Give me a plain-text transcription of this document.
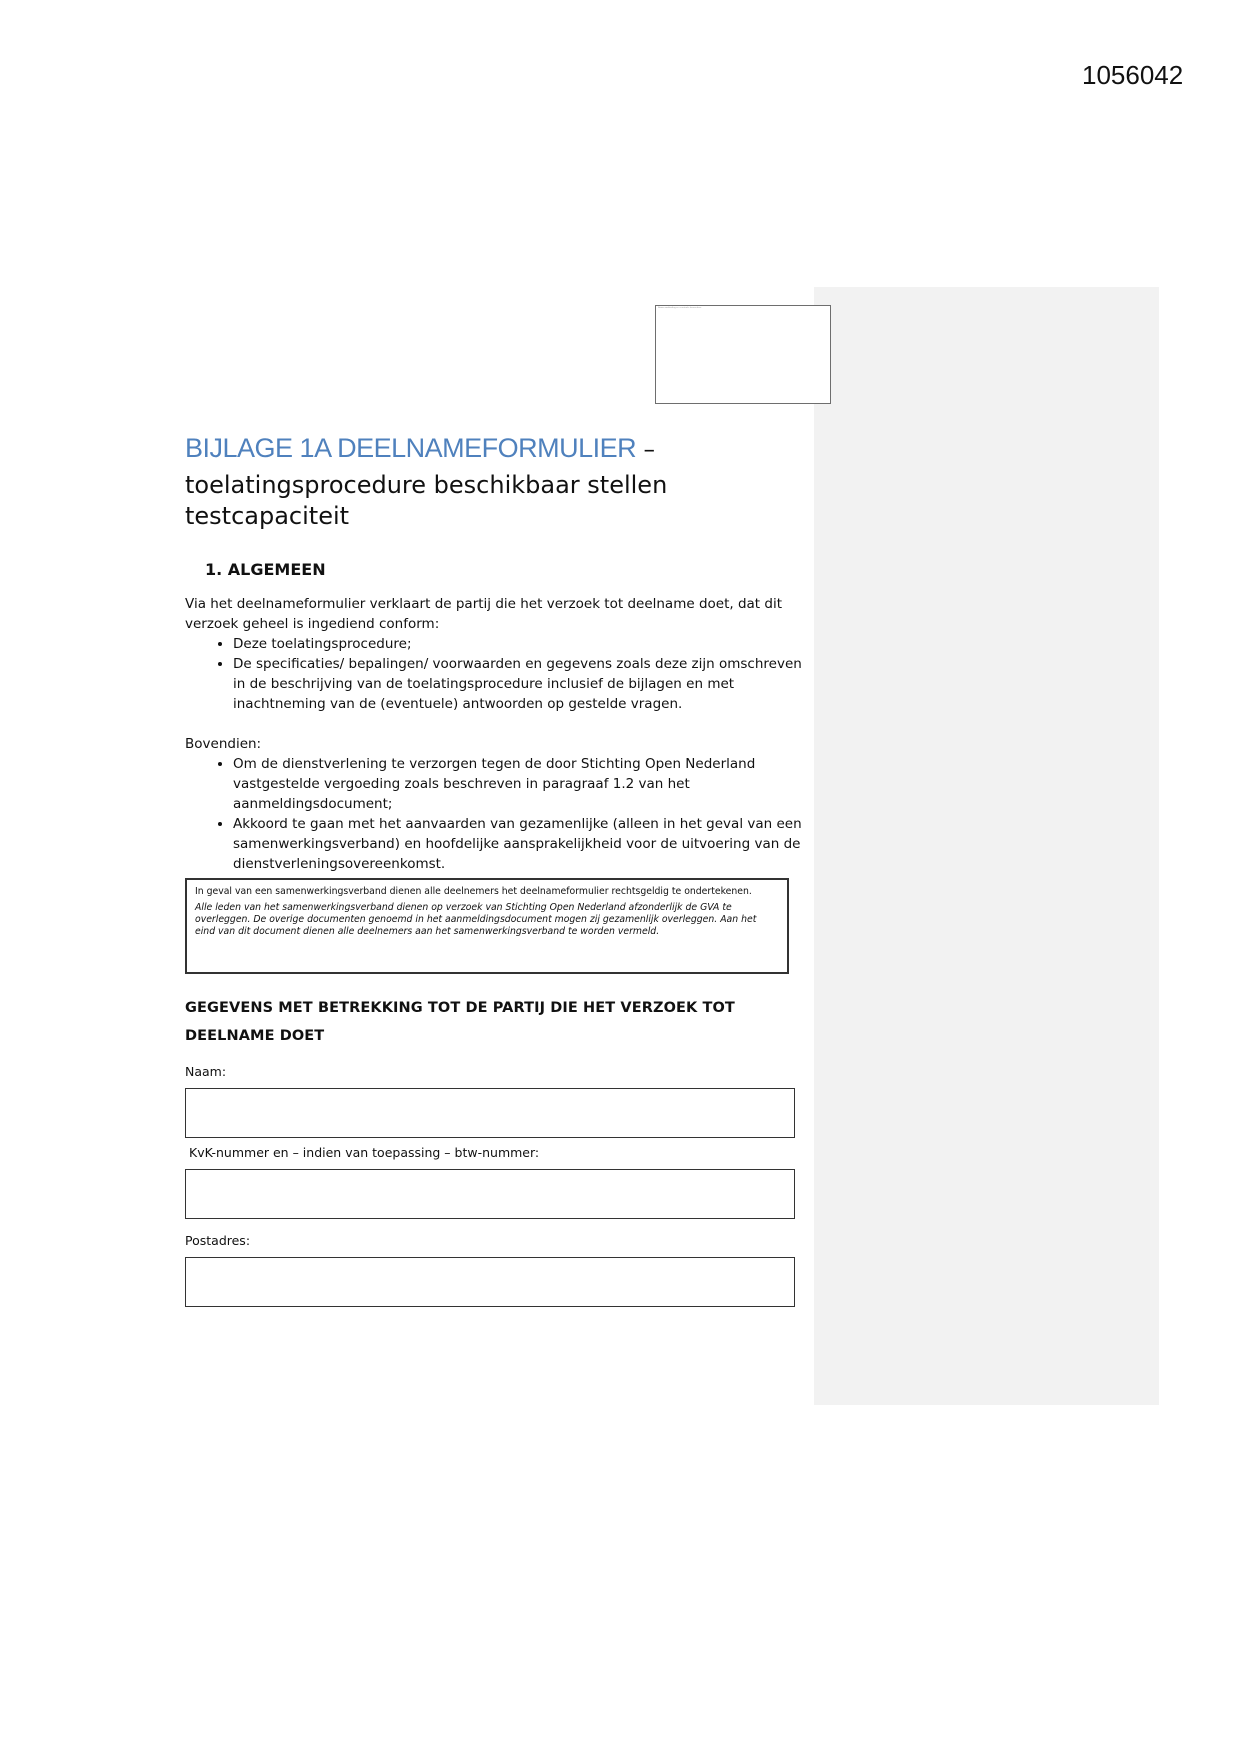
1056042
Naam aanbieding en eventuele kenmerken
BIJLAGE 1A DEELNAMEFORMULIER –
toelatingsprocedure beschikbaar stellen
testcapaciteit
1. ALGEMEEN

Via het deelnameformulier verklaart de partij die het verzoek tot deelname doet, dat dit verzoek geheel is ingediend conform:

• Deze toelatingsprocedure;
• De specificaties/ bepalingen/ voorwaarden en gegevens zoals deze zijn omschreven in de beschrijving van de toelatingsprocedure inclusief de bijlagen en met inachtneming van de (eventuele) antwoorden op gestelde vragen.

Bovendien:

• Om de dienstverlening te verzorgen tegen de door Stichting Open Nederland vastgestelde vergoeding zoals beschreven in paragraaf 1.2 van het aanmeldingsdocument;
• Akkoord te gaan met het aanvaarden van gezamenlijke (alleen in het geval van een samenwerkingsverband) en hoofdelijke aansprakelijkheid voor de uitvoering van de dienstverleningsovereenkomst.
In geval van een samenwerkingsverband dienen alle deelnemers het deelnameformulier rechtsgeldig te ondertekenen.
Alle leden van het samenwerkingsverband dienen op verzoek van Stichting Open Nederland afzonderlijk de GVA te overleggen. De overige documenten genoemd in het aanmeldingsdocument mogen zij gezamenlijk overleggen. Aan het eind van dit document dienen alle deelnemers aan het samenwerkingsverband te worden vermeld.
GEGEVENS MET BETREKKING TOT DE PARTIJ DIE HET VERZOEK TOT DEELNAME DOET
Naam:
KvK-nummer en – indien van toepassing – btw-nummer:
Postadres:
